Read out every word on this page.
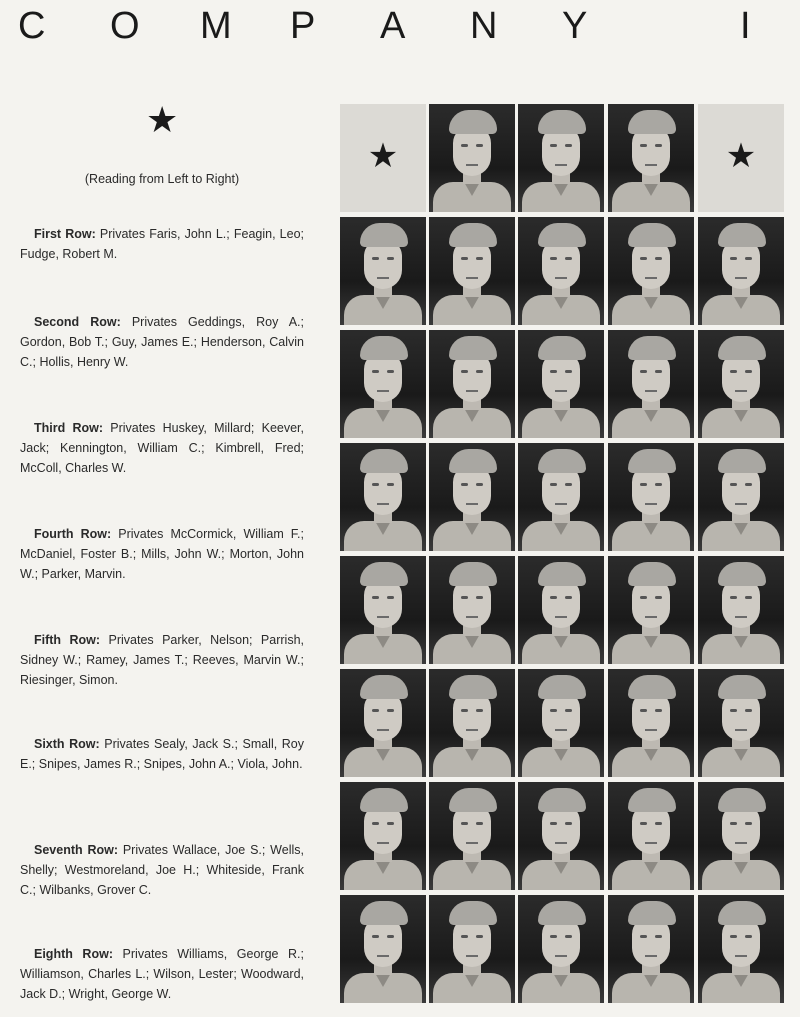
C O M P A N Y	I
★
(Reading from Left to Right)
First Row: Privates Faris, John L.; Feagin, Leo; Fudge, Robert M.
Second Row: Privates Geddings, Roy A.; Gordon, Bob T.; Guy, James E.; Henderson, Calvin C.; Hollis, Henry W.
Third Row: Privates Huskey, Millard; Keever, Jack; Kennington, William C.; Kimbrell, Fred; McColl, Charles W.
Fourth Row: Privates McCormick, William F.; McDaniel, Foster B.; Mills, John W.; Morton, John W.; Parker, Marvin.
Fifth Row: Privates Parker, Nelson; Parrish, Sidney W.; Ramey, James T.; Reeves, Marvin W.; Riesinger, Simon.
Sixth Row: Privates Sealy, Jack S.; Small, Roy E.; Snipes, James R.; Snipes, John A.; Viola, John.
Seventh Row: Privates Wallace, Joe S.; Wells, Shelly; Westmoreland, Joe H.; Whiteside, Frank C.; Wilbanks, Grover C.
Eighth Row: Privates Williams, George R.; Williamson, Charles L.; Wilson, Lester; Woodward, Jack D.; Wright, George W.
★	★
